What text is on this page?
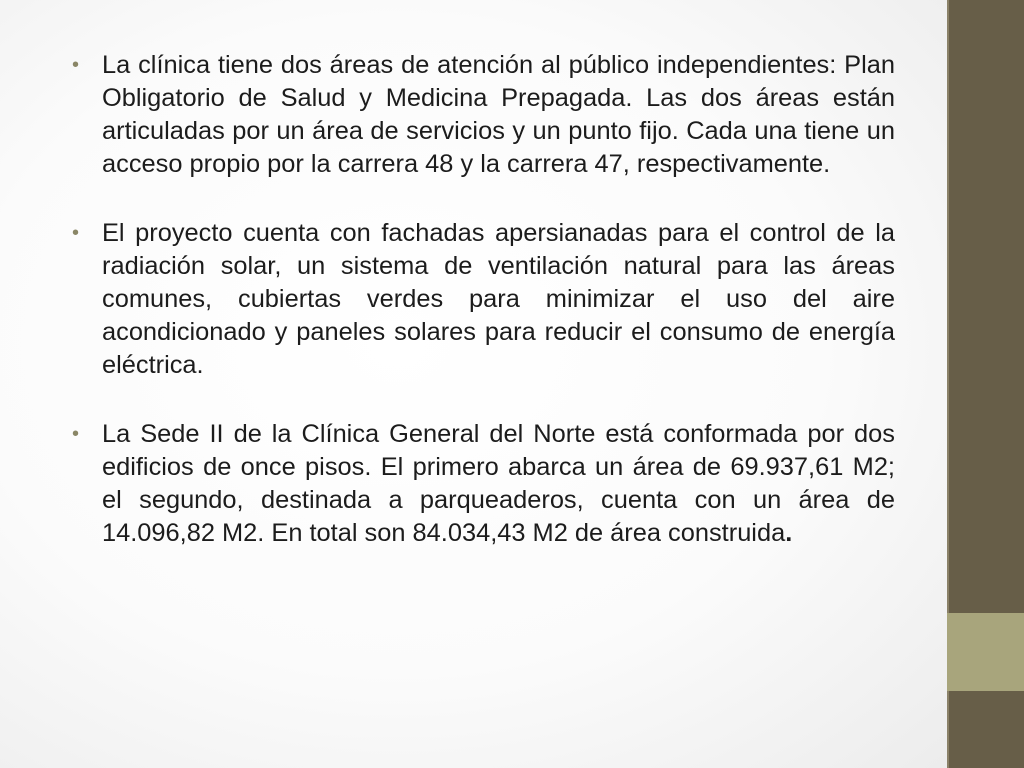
• La clínica tiene dos áreas de atención al público independientes: Plan Obligatorio de Salud y Medicina Prepagada. Las dos áreas están articuladas por un área de servicios y un punto fijo. Cada una tiene un acceso propio por la carrera 48 y la carrera 47, respectivamente.
• El proyecto cuenta con fachadas apersianadas para el control de la radiación solar, un sistema de ventilación natural para las áreas comunes, cubiertas verdes para minimizar el uso del aire acondicionado y paneles solares para reducir el consumo de energía eléctrica.
• La Sede II de la Clínica General del Norte está conformada por dos edificios de once pisos. El primero abarca un área de 69.937,61 M2; el segundo, destinada a parqueaderos, cuenta con un área de 14.096,82 M2. En total son 84.034,43 M2 de área construida.
